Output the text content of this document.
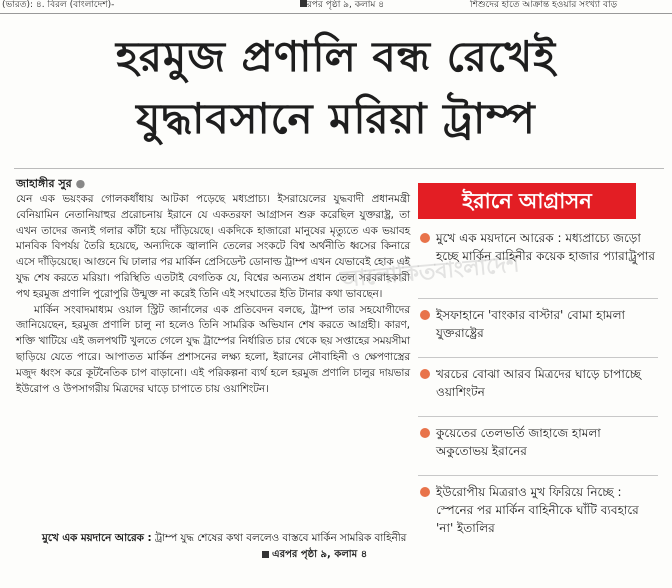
(ভারত): ৪. বিরল (বাংলাদেশ)-	এরপর পৃষ্ঠা ৯, কলাম ৪	শিশুদের হাতে আক্রান্ত হওয়ার সংখ্যা বাড়
হরমুজ প্রণালি বন্ধ রেখেই
যুদ্ধাবসানে মরিয়া ট্রাম্প
জাহাঙ্গীর সুর ●

যেন এক ভয়ংকর গোলকধাঁধায় আটকা পড়েছে মধ্যপ্রাচ্য। ইসরায়েলের যুদ্ধবাদী প্রধানমন্ত্রী বেনিয়ামিন নেতানিয়াহুর প্ররোচনায় ইরানে যে একতরফা আগ্রাসন শুরু করেছিল যুক্তরাষ্ট্র, তা এখন তাদের জন্যই গলার কাঁটা হয়ে দাঁড়িয়েছে। একদিকে হাজারো মানুষের মৃত্যুতে এক ভয়াবহ মানবিক বিপর্যয় তৈরি হয়েছে, অন্যদিকে জ্বালানি তেলের সংকটে বিশ্ব অর্থনীতি ধ্বসের কিনারে এসে দাঁড়িয়েছে। আগুনে ঘি ঢালার পর মার্কিন প্রেসিডেন্ট ডোনাল্ড ট্রাম্প এখন যেভাবেই হোক এই যুদ্ধ শেষ করতে মরিয়া। পরিস্থিতি এতটাই বেগতিক যে, বিশ্বের অন্যতম প্রধান তেল সরবরাহকারী পথ হরমুজ প্রণালি পুরোপুরি উন্মুক্ত না করেই তিনি এই সংঘাতের ইতি টানার কথা ভাবছেন।

মার্কিন সংবাদমাধ্যম ওয়াল স্ট্রিট জার্নালের এক প্রতিবেদন বলছে, ট্রাম্প তার সহযোগীদের জানিয়েছেন, হরমুজ প্রণালি চালু না হলেও তিনি সামরিক অভিযান শেষ করতে আগ্রহী। কারণ, শক্তি খাটিয়ে এই জলপথটি খুলতে গেলে যুদ্ধ ট্রাম্পের নির্ধারিত চার থেকে ছয় সপ্তাহের সময়সীমা ছাড়িয়ে যেতে পারে। আপাতত মার্কিন প্রশাসনের লক্ষ্য হলো, ইরানের নৌবাহিনী ও ক্ষেপণাস্ত্রের মজুদ ধ্বংস করে কূটনৈতিক চাপ বাড়ানো। এই পরিকল্পনা ব্যর্থ হলে হরমুজ প্রণালি চালুর দায়ভার ইউরোপ ও উপসাগরীয় মিত্রদের ঘাড়ে চাপাতে চায় ওয়াশিংটন।

মুখে এক ময়দানে আরেক : ট্রাম্প যুদ্ধ শেষের কথা বললেও বাস্তবে মার্কিন সামরিক বাহিনীর
এরপর পৃষ্ঠা ৯, কলাম ৪
আলোকিতবাংলাদেশ
ইরানে আগ্রাসন
মুখে এক ময়দানে আরেক : মধ্যপ্রাচ্যে জড়ো হচ্ছে মার্কিন বাহিনীর কয়েক হাজার প্যারাট্রুপার
ইসফাহানে 'বাংকার বাস্টার' বোমা হামলা যুক্তরাষ্ট্রের
খরচের বোঝা আরব মিত্রদের ঘাড়ে চাপাচ্ছে ওয়াশিংটন
কুয়েতের তেলভর্তি জাহাজে হামলা অকুতোভয় ইরানের
ইউরোপীয় মিত্ররাও মুখ ফিরিয়ে নিচ্ছে : স্পেনের পর মার্কিন বাহিনীকে ঘাঁটি ব্যবহারে 'না' ইতালির
